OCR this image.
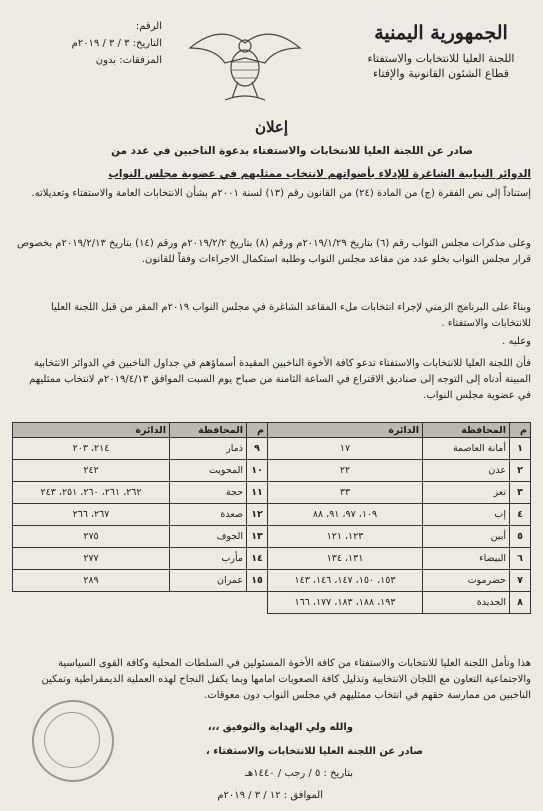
الجمهورية اليمنية
اللجنة العليا للانتخابات والاستفتاء
قطاع الشئون القانونية والإفتاء
الرقم:
التاريخ: ٣ / ٣ / ٢٠١٩م
المرفقات: بدون
إعلان
صادر عن اللجنة العليا للانتخابات والاستفتاء بدعوة الناخبين في عدد من
الدوائر النيابية الشاغرة للإدلاء بأصواتهم لانتخاب ممثليهم في عضوية مجلس النواب
إستناداً إلى نص الفقرة (ج) من المادة (٢٤) من القانون رقم (١٣) لسنة ٢٠٠١م بشأن الانتخابات العامة والاستفتاء وتعديلاته.
وعلى مذكرات مجلس النواب رقم (٦) بتاريخ ٢٠١٩/١/٢٩م ورقم (٨) بتاريخ ٢٠١٩/٢/٢م ورقم (١٤) بتاريخ ٢٠١٩/٢/١٣م بخصوص قرار مجلس النواب بخلو عدد من مقاعد مجلس النواب وطلبه استكمال الاجراءات وفقاً للقانون.
وبناءً على البرنامج الزمني لإجراء انتخابات ملء المقاعد الشاغرة في مجلس النواب ٢٠١٩م المقر من قبل اللجنة العليا للانتخابات والاستفتاء .
وعليه .
فأن اللجنة العليا للانتخابات والاستفتاء تدعو كافة الأخوة الناخبين المقيدة أسماؤهم في جداول الناخبين في الدوائر الانتخابية المبينة أدناه إلى التوجه إلى صناديق الاقتراع في الساعة الثامنة من صباح يوم السبت الموافق ٢٠١٩/٤/١٣م لانتخاب ممثليهم في عضوية مجلس النواب.
م	المحافظة	الدائرة
١	أمانة العاصمة	١٧
٢	عدن	٢٢
٣	تعز	٣٣
٤	إب	١٠٩، ٩٧، ٩١، ٨٨
٥	أبين	١٢٣، ١٢١
٦	البيضاء	١٣١، ١٣٤
٧	حضرموت	١٥٣، ١٥٠، ١٤٧، ١٤٦، ١٤٣
٨	الحديدة	١٩٣، ١٨٨، ١٨٣، ١٧٧، ١٦٦
م	المحافظة	الدائرة
٩	ذمار	٢١٤، ٢٠٣
١٠	المحويت	٢٤٢
١١	حجة	٢٦٢، ٢٦١، ٢٦٠، ٢٥١، ٢٤٣
١٢	صعدة	٢٦٧، ٢٦٦
١٣	الجوف	٢٧٥
١٤	مأرب	٢٧٧
١٥	عمران	٢٨٩
هذا وتأمل اللجنة العليا للانتخابات والاستفتاء من كافة الأخوة المسئولين في السلطات المحلية وكافة القوى السياسية والاجتماعية التعاون مع اللجان الانتخابية وتذليل كافة الصعوبات امامها وبما يكفل النجاح لهذه العملية الديمقراطية وتمكين الناخبين من ممارسة حقهم في انتخاب ممثليهم في مجلس النواب دون معوقات.
والله ولي الهداية والتوفيق ،،،
صادر عن اللجنة العليا للانتخابات والاستفتاء ،
بتاريخ : ٥ / رجب / ١٤٤٠هـ
الموافق : ١٢ / ٣ / ٢٠١٩م
